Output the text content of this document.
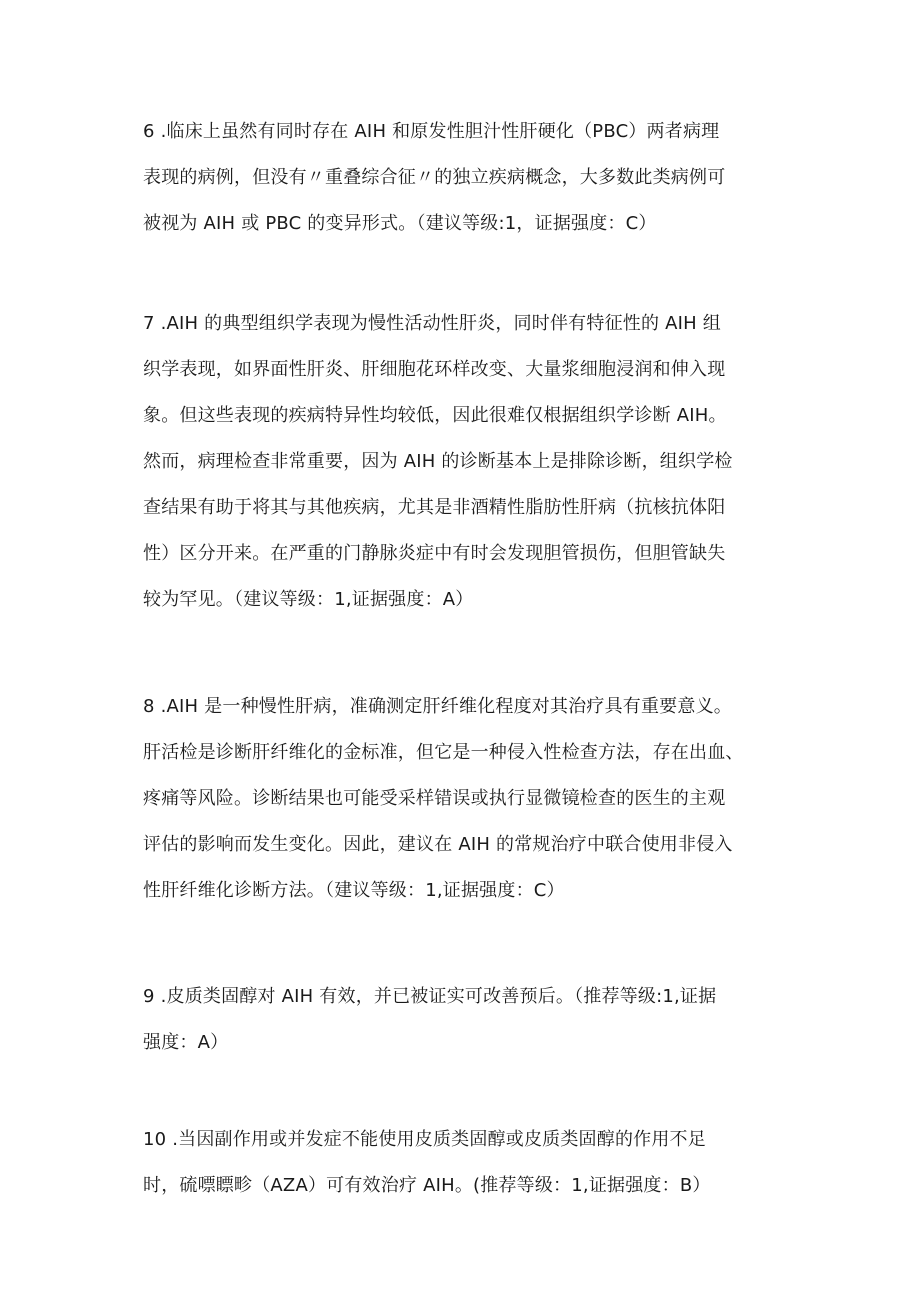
6 .临床上虽然有同时存在 AIH 和原发性胆汁性肝硬化（PBC）两者病理
表现的病例，但没有〃重叠综合征〃的独立疾病概念，大多数此类病例可
被视为 AIH 或 PBC 的变异形式。（建议等级:1，证据强度：C）

7 .AIH 的典型组织学表现为慢性活动性肝炎，同时伴有特征性的 AIH 组
织学表现，如界面性肝炎、肝细胞花环样改变、大量浆细胞浸润和伸入现
象。但这些表现的疾病特异性均较低，因此很难仅根据组织学诊断 AIH。
然而，病理检查非常重要，因为 AIH 的诊断基本上是排除诊断，组织学检
查结果有助于将其与其他疾病，尤其是非酒精性脂肪性肝病（抗核抗体阳
性）区分开来。在严重的门静脉炎症中有时会发现胆管损伤，但胆管缺失
较为罕见。（建议等级：1,证据强度：A）

8 .AIH 是一种慢性肝病，准确测定肝纤维化程度对其治疗具有重要意义。
肝活检是诊断肝纤维化的金标准，但它是一种侵入性检查方法，存在出血、
疼痛等风险。诊断结果也可能受采样错误或执行显微镜检查的医生的主观
评估的影响而发生变化。因此，建议在 AIH 的常规治疗中联合使用非侵入
性肝纤维化诊断方法。（建议等级：1,证据强度：C）

9 .皮质类固醇对 AIH 有效，并已被证实可改善预后。（推荐等级:1,证据
强度：A）

10 .当因副作用或并发症不能使用皮质类固醇或皮质类固醇的作用不足
时，硫嘌瞟畛（AZA）可有效治疗 AIH。(推荐等级：1,证据强度：B）
